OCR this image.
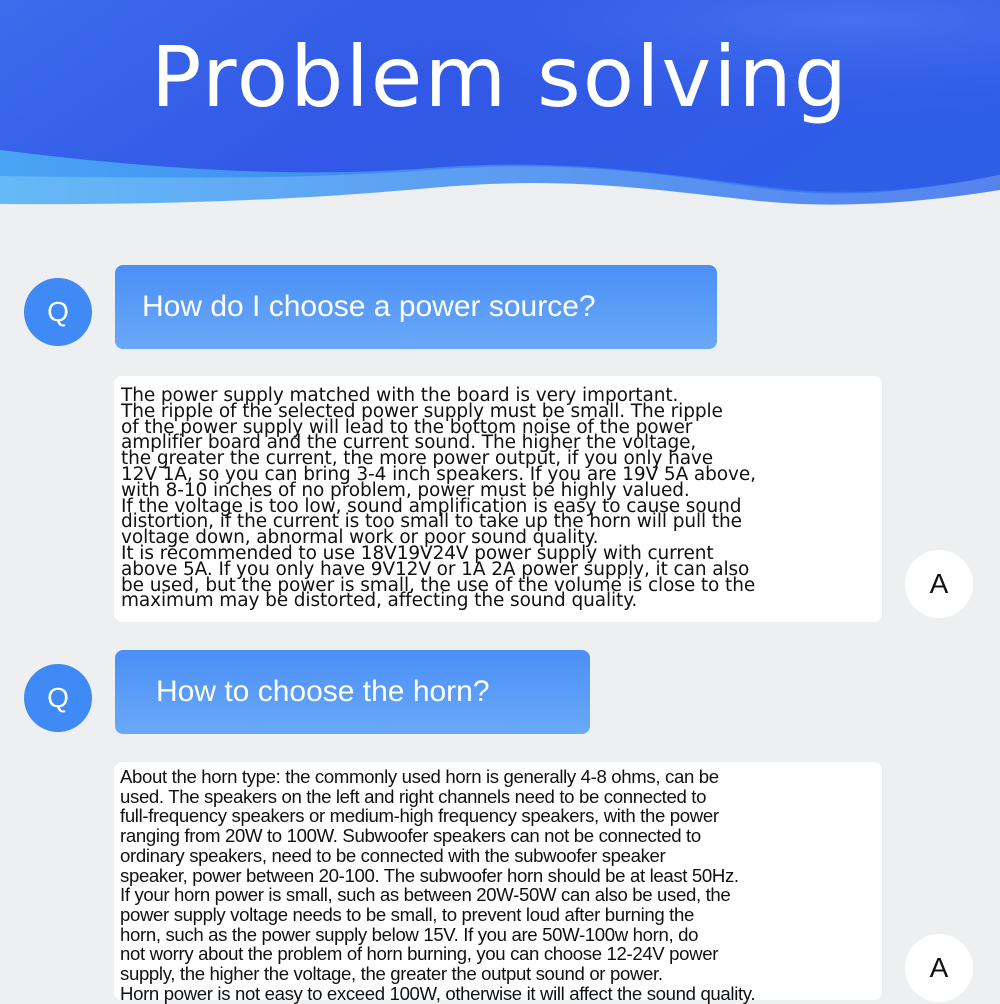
Problem solving
Q	How do I choose a power source?

The power supply matched with the board is very important.

The ripple of the selected power supply must be small. The ripple

of the power supply will lead to the bottom noise of the power

amplifier board and the current sound. The higher the voltage,

the greater the current, the more power output, if you only have

12V 1A, so you can bring 3-4 inch speakers. If you are 19V 5A above,

with 8-10 inches of no problem, power must be highly valued.

If the voltage is too low, sound amplification is easy to cause sound

distortion, if the current is too small to take up the horn will pull the

voltage down, abnormal work or poor sound quality.

It is recommended to use 18V19V24V power supply with current

above 5A. If you only have 9V12V or 1A 2A power supply, it can also

be used, but the power is small, the use of the volume is close to the

maximum may be distorted, affecting the sound quality.

A
Q	How to choose the horn?

About the horn type: the commonly used horn is generally 4-8 ohms, can be

used. The speakers on the left and right channels need to be connected to

full-frequency speakers or medium-high frequency speakers, with the power

ranging from 20W to 100W. Subwoofer speakers can not be connected to

ordinary speakers, need to be connected with the subwoofer speaker

speaker, power between 20-100. The subwoofer horn should be at least 50Hz.

If your horn power is small, such as between 20W-50W can also be used, the

power supply voltage needs to be small, to prevent loud after burning the

horn, such as the power supply below 15V. If you are 50W-100w horn, do

not worry about the problem of horn burning, you can choose 12-24V power

supply, the higher the voltage, the greater the output sound or power.

Horn power is not easy to exceed 100W, otherwise it will affect the sound quality.

A
